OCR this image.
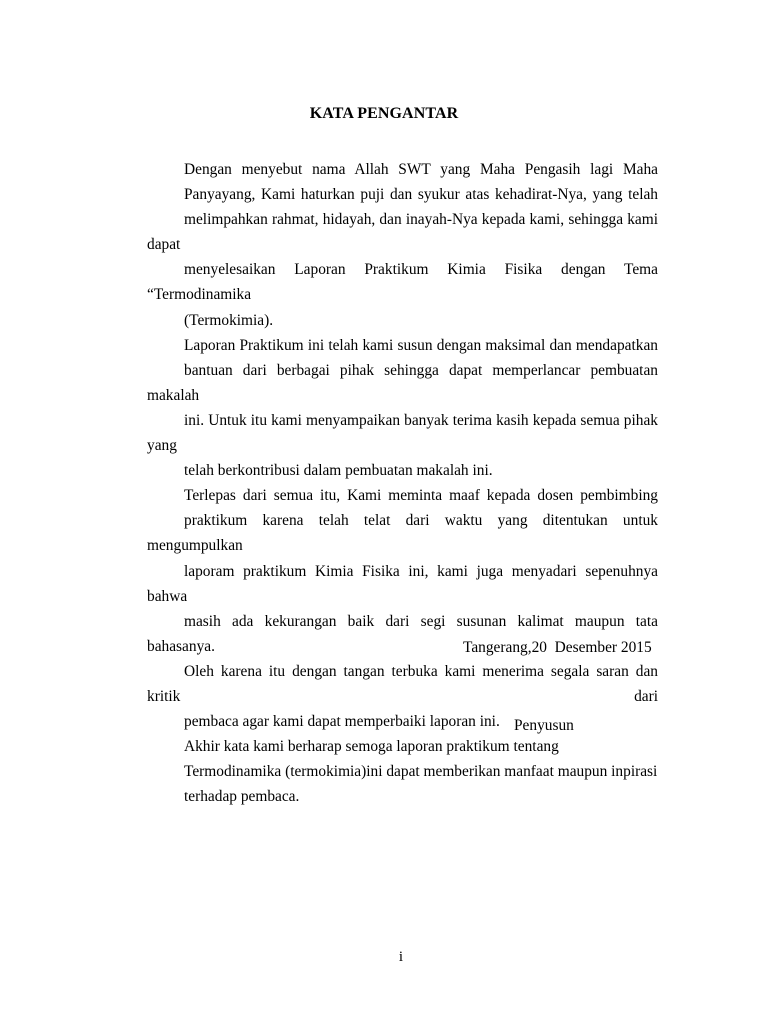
KATA PENGANTAR

Dengan menyebut nama Allah SWT yang Maha Pengasih lagi Maha
Panyayang, Kami haturkan puji dan syukur atas kehadirat-Nya, yang telah
melimpahkan rahmat, hidayah, dan inayah-Nya kepada kami, sehingga kami dapat
menyelesaikan Laporan Praktikum Kimia Fisika dengan Tema “Termodinamika
(Termokimia).

Laporan Praktikum ini telah kami susun dengan maksimal dan mendapatkan
bantuan dari berbagai pihak sehingga dapat memperlancar pembuatan makalah
ini. Untuk itu kami menyampaikan banyak terima kasih kepada semua pihak yang
telah berkontribusi dalam pembuatan makalah ini.

Terlepas dari semua itu, Kami meminta maaf kepada dosen pembimbing
praktikum karena telah telat dari waktu yang ditentukan untuk mengumpulkan
laporam praktikum Kimia Fisika ini, kami juga menyadari sepenuhnya bahwa
masih ada kekurangan baik dari segi susunan kalimat maupun tata bahasanya.
Oleh karena itu dengan tangan terbuka kami menerima segala saran dan kritik dari
pembaca agar kami dapat memperbaiki laporan ini.

Akhir kata kami berharap semoga laporan praktikum tentang
Termodinamika (termokimia)ini dapat memberikan manfaat maupun inpirasi
terhadap pembaca.

Tangerang,20  Desember 2015
Penyusun
i
